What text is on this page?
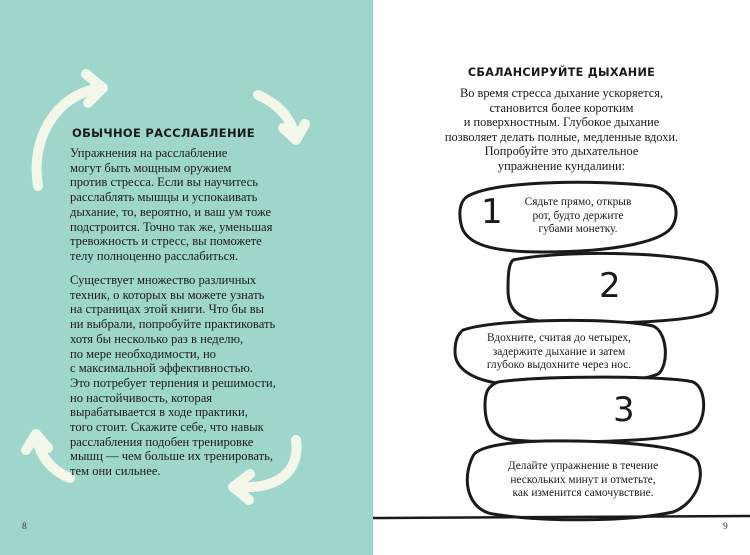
ОБЫЧНОЕ РАССЛАБЛЕНИЕ
Упражнения на расслабление
могут быть мощным оружием
против стресса. Если вы научитесь
расслаблять мышцы и успокаивать
дыхание, то, вероятно, и ваш ум тоже
подстроится. Точно так же, уменьшая
тревожность и стресс, вы поможете
телу полноценно расслабиться.
Существует множество различных
техник, о которых вы можете узнать
на страницах этой книги. Что бы вы
ни выбрали, попробуйте практиковать
хотя бы несколько раз в неделю,
по мере необходимости, но
с максимальной эффективностью.
Это потребует терпения и решимости,
но настойчивость, которая
вырабатывается в ходе практики,
того стоит. Скажите себе, что навык
расслабления подобен тренировке
мышц — чем больше их тренировать,
тем они сильнее.
8
СБАЛАНСИРУЙТЕ ДЫХАНИЕ
Во время стресса дыхание ускоряется,
становится более коротким
и поверхностным. Глубокое дыхание
позволяет делать полные, медленные вдохи.
Попробуйте это дыхательное
упражнение кундалини:
1	Сядьте прямо, открыв
рот, будто держите
губами монетку.
2
Вдохните, считая до четырех,
задержите дыхание и затем
глубоко выдохните через нос.
3
Делайте упражнение в течение
нескольких минут и отметьте,
как изменится самочувствие.
9
